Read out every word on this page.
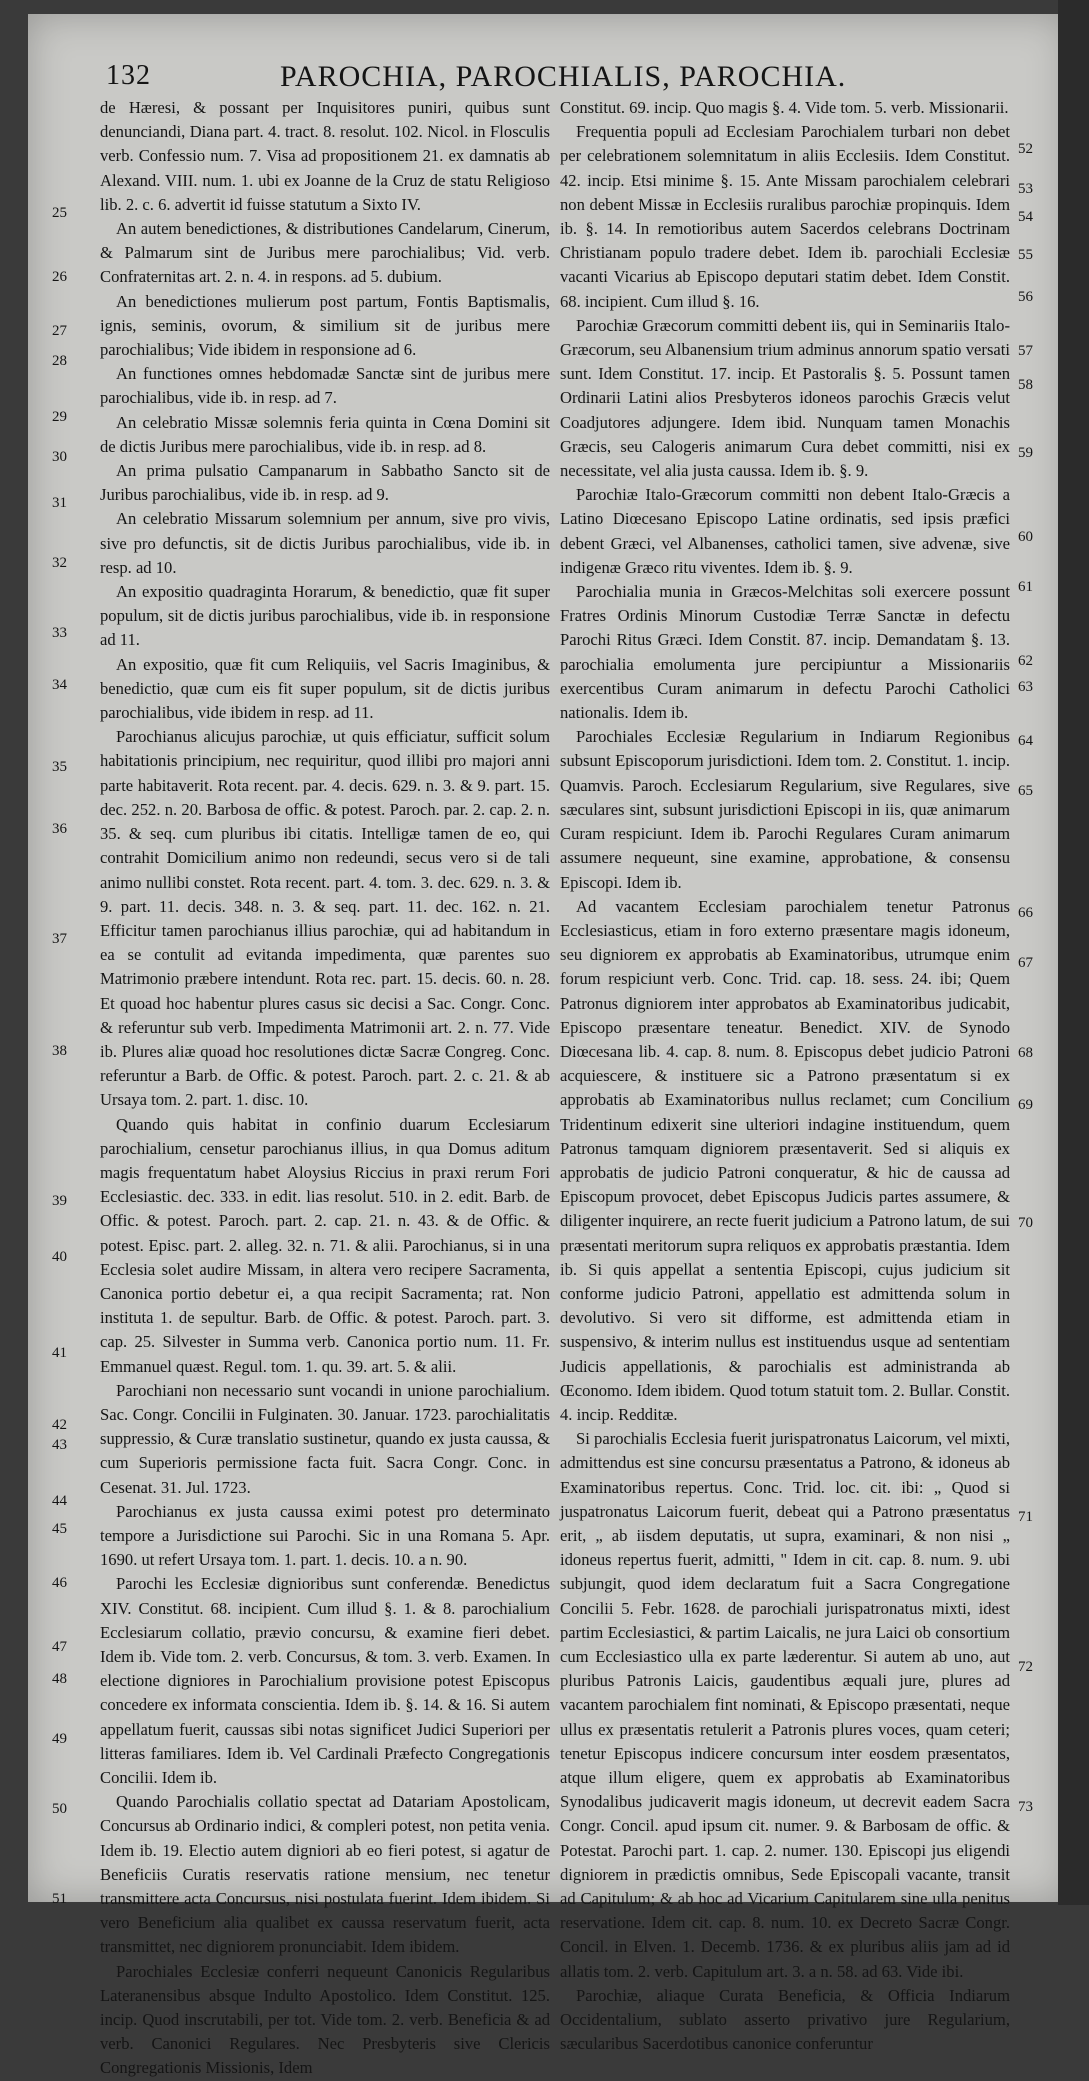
132	PAROCHIA, PAROCHIALIS, PAROCHIA.
25
26
27
28
29
30
31
32
33
34
35
36
37
38
39
40
41
42
43
44
45
46
47
48
49
50
51
52
53
54
55
56
57
58
59
60
61
62
63
64
65
66
67
68
69
70
71
72
73

de Hæresi, & possant per Inquisitores puniri, quibus sunt denunciandi, Diana part. 4. tract. 8. resolut. 102. Nicol. in Flosculis verb. Confessio num. 7. Visa ad propositionem 21. ex damnatis ab Alexand. VIII. num. 1. ubi ex Joanne de la Cruz de statu Religioso lib. 2. c. 6. advertit id fuisse statutum a Sixto IV.

An autem benedictiones, & distributiones Candelarum, Cinerum, & Palmarum sint de Juribus mere parochialibus; Vid. verb. Confraternitas art. 2. n. 4. in respons. ad 5. dubium.

An benedictiones mulierum post partum, Fontis Baptismalis, ignis, seminis, ovorum, & similium sit de juribus mere parochialibus; Vide ibidem in responsione ad 6.

An functiones omnes hebdomadæ Sanctæ sint de juribus mere parochialibus, vide ib. in resp. ad 7.

An celebratio Missæ solemnis feria quinta in Cœna Domini sit de dictis Juribus mere parochialibus, vide ib. in resp. ad 8.

An prima pulsatio Campanarum in Sabbatho Sancto sit de Juribus parochialibus, vide ib. in resp. ad 9.

An celebratio Missarum solemnium per annum, sive pro vivis, sive pro defunctis, sit de dictis Juribus parochialibus, vide ib. in resp. ad 10.

An expositio quadraginta Horarum, & benedictio, quæ fit super populum, sit de dictis juribus parochialibus, vide ib. in responsione ad 11.

An expositio, quæ fit cum Reliquiis, vel Sacris Imaginibus, & benedictio, quæ cum eis fit super populum, sit de dictis juribus parochialibus, vide ibidem in resp. ad 11.

Parochianus alicujus parochiæ, ut quis efficiatur, sufficit solum habitationis principium, nec requiritur, quod illibi pro majori anni parte habitaverit. Rota recent. par. 4. decis. 629. n. 3. & 9. part. 15. dec. 252. n. 20. Barbosa de offic. & potest. Paroch. par. 2. cap. 2. n. 35. & seq. cum pluribus ibi citatis. Intelligæ tamen de eo, qui contrahit Domicilium animo non redeundi, secus vero si de tali animo nullibi constet. Rota recent. part. 4. tom. 3. dec. 629. n. 3. & 9. part. 11. decis. 348. n. 3. & seq. part. 11. dec. 162. n. 21. Efficitur tamen parochianus illius parochiæ, qui ad habitandum in ea se contulit ad evitanda impedimenta, quæ parentes suo Matrimonio præbere intendunt. Rota rec. part. 15. decis. 60. n. 28. Et quoad hoc habentur plures casus sic decisi a Sac. Congr. Conc. & referuntur sub verb. Impedimenta Matrimonii art. 2. n. 77. Vide ib. Plures aliæ quoad hoc resolutiones dictæ Sacræ Congreg. Conc. referuntur a Barb. de Offic. & potest. Paroch. part. 2. c. 21. & ab Ursaya tom. 2. part. 1. disc. 10.

Quando quis habitat in confinio duarum Ecclesiarum parochialium, censetur parochianus illius, in qua Domus aditum magis frequentatum habet Aloysius Riccius in praxi rerum Fori Ecclesiastic. dec. 333. in edit. lias resolut. 510. in 2. edit. Barb. de Offic. & potest. Paroch. part. 2. cap. 21. n. 43. & de Offic. & potest. Episc. part. 2. alleg. 32. n. 71. & alii. Parochianus, si in una Ecclesia solet audire Missam, in altera vero recipere Sacramenta, Canonica portio debetur ei, a qua recipit Sacramenta; rat. Non instituta 1. de sepultur. Barb. de Offic. & potest. Paroch. part. 3. cap. 25. Silvester in Summa verb. Canonica portio num. 11. Fr. Emmanuel quæst. Regul. tom. 1. qu. 39. art. 5. & alii.

Parochiani non necessario sunt vocandi in unione parochialium. Sac. Congr. Concilii in Fulginaten. 30. Januar. 1723. parochialitatis suppressio, & Curæ translatio sustinetur, quando ex justa caussa, & cum Superioris permissione facta fuit. Sacra Congr. Conc. in Cesenat. 31. Jul. 1723.

Parochianus ex justa caussa eximi potest pro determinato tempore a Jurisdictione sui Parochi. Sic in una Romana 5. Apr. 1690. ut refert Ursaya tom. 1. part. 1. decis. 10. a n. 90.

Parochi les Ecclesiæ dignioribus sunt conferendæ. Benedictus XIV. Constitut. 68. incipient. Cum illud §. 1. & 8. parochialium Ecclesiarum collatio, prævio concursu, & examine fieri debet. Idem ib. Vide tom. 2. verb. Concursus, & tom. 3. verb. Examen. In electione digniores in Parochialium provisione potest Episcopus concedere ex informata conscientia. Idem ib. §. 14. & 16. Si autem appellatum fuerit, caussas sibi notas significet Judici Superiori per litteras familiares. Idem ib. Vel Cardinali Præfecto Congregationis Concilii. Idem ib.

Quando Parochialis collatio spectat ad Datariam Apostolicam, Concursus ab Ordinario indici, & compleri potest, non petita venia. Idem ib. 19. Electio autem digniori ab eo fieri potest, si agatur de Beneficiis Curatis reservatis ratione mensium, nec tenetur transmittere acta Concursus, nisi postulata fuerint. Idem ibidem. Si vero Beneficium alia qualibet ex caussa reservatum fuerit, acta transmittet, nec digniorem pronunciabit. Idem ibidem.

Parochiales Ecclesiæ conferri nequeunt Canonicis Regularibus Lateranensibus absque Indulto Apostolico. Idem Constitut. 125. incip. Quod inscrutabili, per tot. Vide tom. 2. verb. Beneficia & ad verb. Canonici Regulares. Nec Presbyteris sive Clericis Congregationis Missionis, Idem

Constitut. 69. incip. Quo magis §. 4. Vide tom. 5. verb. Missionarii.

Frequentia populi ad Ecclesiam Parochialem turbari non debet per celebrationem solemnitatum in aliis Ecclesiis. Idem Constitut. 42. incip. Etsi minime §. 15. Ante Missam parochialem celebrari non debent Missæ in Ecclesiis ruralibus parochiæ propinquis. Idem ib. §. 14. In remotioribus autem Sacerdos celebrans Doctrinam Christianam populo tradere debet. Idem ib. parochiali Ecclesiæ vacanti Vicarius ab Episcopo deputari statim debet. Idem Constit. 68. incipient. Cum illud §. 16.

Parochiæ Græcorum committi debent iis, qui in Seminariis Italo-Græcorum, seu Albanensium trium adminus annorum spatio versati sunt. Idem Constitut. 17. incip. Et Pastoralis §. 5. Possunt tamen Ordinarii Latini alios Presbyteros idoneos parochis Græcis velut Coadjutores adjungere. Idem ibid. Nunquam tamen Monachis Græcis, seu Calogeris animarum Cura debet committi, nisi ex necessitate, vel alia justa caussa. Idem ib. §. 9.

Parochiæ Italo-Græcorum committi non debent Italo-Græcis a Latino Diœcesano Episcopo Latine ordinatis, sed ipsis præfici debent Græci, vel Albanenses, catholici tamen, sive advenæ, sive indigenæ Græco ritu viventes. Idem ib. §. 9.

Parochialia munia in Græcos-Melchitas soli exercere possunt Fratres Ordinis Minorum Custodiæ Terræ Sanctæ in defectu Parochi Ritus Græci. Idem Constit. 87. incip. Demandatam §. 13. parochialia emolumenta jure percipiuntur a Missionariis exercentibus Curam animarum in defectu Parochi Catholici nationalis. Idem ib.

Parochiales Ecclesiæ Regularium in Indiarum Regionibus subsunt Episcoporum jurisdictioni. Idem tom. 2. Constitut. 1. incip. Quamvis. Paroch. Ecclesiarum Regularium, sive Regulares, sive sæculares sint, subsunt jurisdictioni Episcopi in iis, quæ animarum Curam respiciunt. Idem ib. Parochi Regulares Curam animarum assumere nequeunt, sine examine, approbatione, & consensu Episcopi. Idem ib.

Ad vacantem Ecclesiam parochialem tenetur Patronus Ecclesiasticus, etiam in foro externo præsentare magis idoneum, seu digniorem ex approbatis ab Examinatoribus, utrumque enim forum respiciunt verb. Conc. Trid. cap. 18. sess. 24. ibi; Quem Patronus digniorem inter approbatos ab Examinatoribus judicabit, Episcopo præsentare teneatur. Benedict. XIV. de Synodo Diœcesana lib. 4. cap. 8. num. 8. Episcopus debet judicio Patroni acquiescere, & instituere sic a Patrono præsentatum si ex approbatis ab Examinatoribus nullus reclamet; cum Concilium Tridentinum edixerit sine ulteriori indagine instituendum, quem Patronus tamquam digniorem præsentaverit. Sed si aliquis ex approbatis de judicio Patroni conqueratur, & hic de caussa ad Episcopum provocet, debet Episcopus Judicis partes assumere, & diligenter inquirere, an recte fuerit judicium a Patrono latum, de sui præsentati meritorum supra reliquos ex approbatis præstantia. Idem ib. Si quis appellat a sententia Episcopi, cujus judicium sit conforme judicio Patroni, appellatio est admittenda solum in devolutivo. Si vero sit difforme, est admittenda etiam in suspensivo, & interim nullus est instituendus usque ad sententiam Judicis appellationis, & parochialis est administranda ab Œconomo. Idem ibidem. Quod totum statuit tom. 2. Bullar. Constit. 4. incip. Redditæ.

Si parochialis Ecclesia fuerit jurispatronatus Laicorum, vel mixti, admittendus est sine concursu præsentatus a Patrono, & idoneus ab Examinatoribus repertus. Conc. Trid. loc. cit. ibi: „ Quod si juspatronatus Laicorum fuerit, debeat qui a Patrono præsentatus erit, „ ab iisdem deputatis, ut supra, examinari, & non nisi „ idoneus repertus fuerit, admitti, " Idem in cit. cap. 8. num. 9. ubi subjungit, quod idem declaratum fuit a Sacra Congregatione Concilii 5. Febr. 1628. de parochiali jurispatronatus mixti, idest partim Ecclesiastici, & partim Laicalis, ne jura Laici ob consortium cum Ecclesiastico ulla ex parte læderentur. Si autem ab uno, aut pluribus Patronis Laicis, gaudentibus æquali jure, plures ad vacantem parochialem fint nominati, & Episcopo præsentati, neque ullus ex præsentatis retulerit a Patronis plures voces, quam ceteri; tenetur Episcopus indicere concursum inter eosdem præsentatos, atque illum eligere, quem ex approbatis ab Examinatoribus Synodalibus judicaverit magis idoneum, ut decrevit eadem Sacra Congr. Concil. apud ipsum cit. numer. 9. & Barbosam de offic. & Potestat. Parochi part. 1. cap. 2. numer. 130. Episcopi jus eligendi digniorem in prædictis omnibus, Sede Episcopali vacante, transit ad Capitulum; & ab hoc ad Vicarium Capitularem sine ulla penitus reservatione. Idem cit. cap. 8. num. 10. ex Decreto Sacræ Congr. Concil. in Elven. 1. Decemb. 1736. & ex pluribus aliis jam ad id allatis tom. 2. verb. Capitulum art. 3. a n. 58. ad 63. Vide ibi.

Parochiæ, aliaque Curata Beneficia, & Officia Indiarum Occidentalium, sublato asserto privativo jure Regularium, sæcularibus Sacerdotibus canonice conferuntur
